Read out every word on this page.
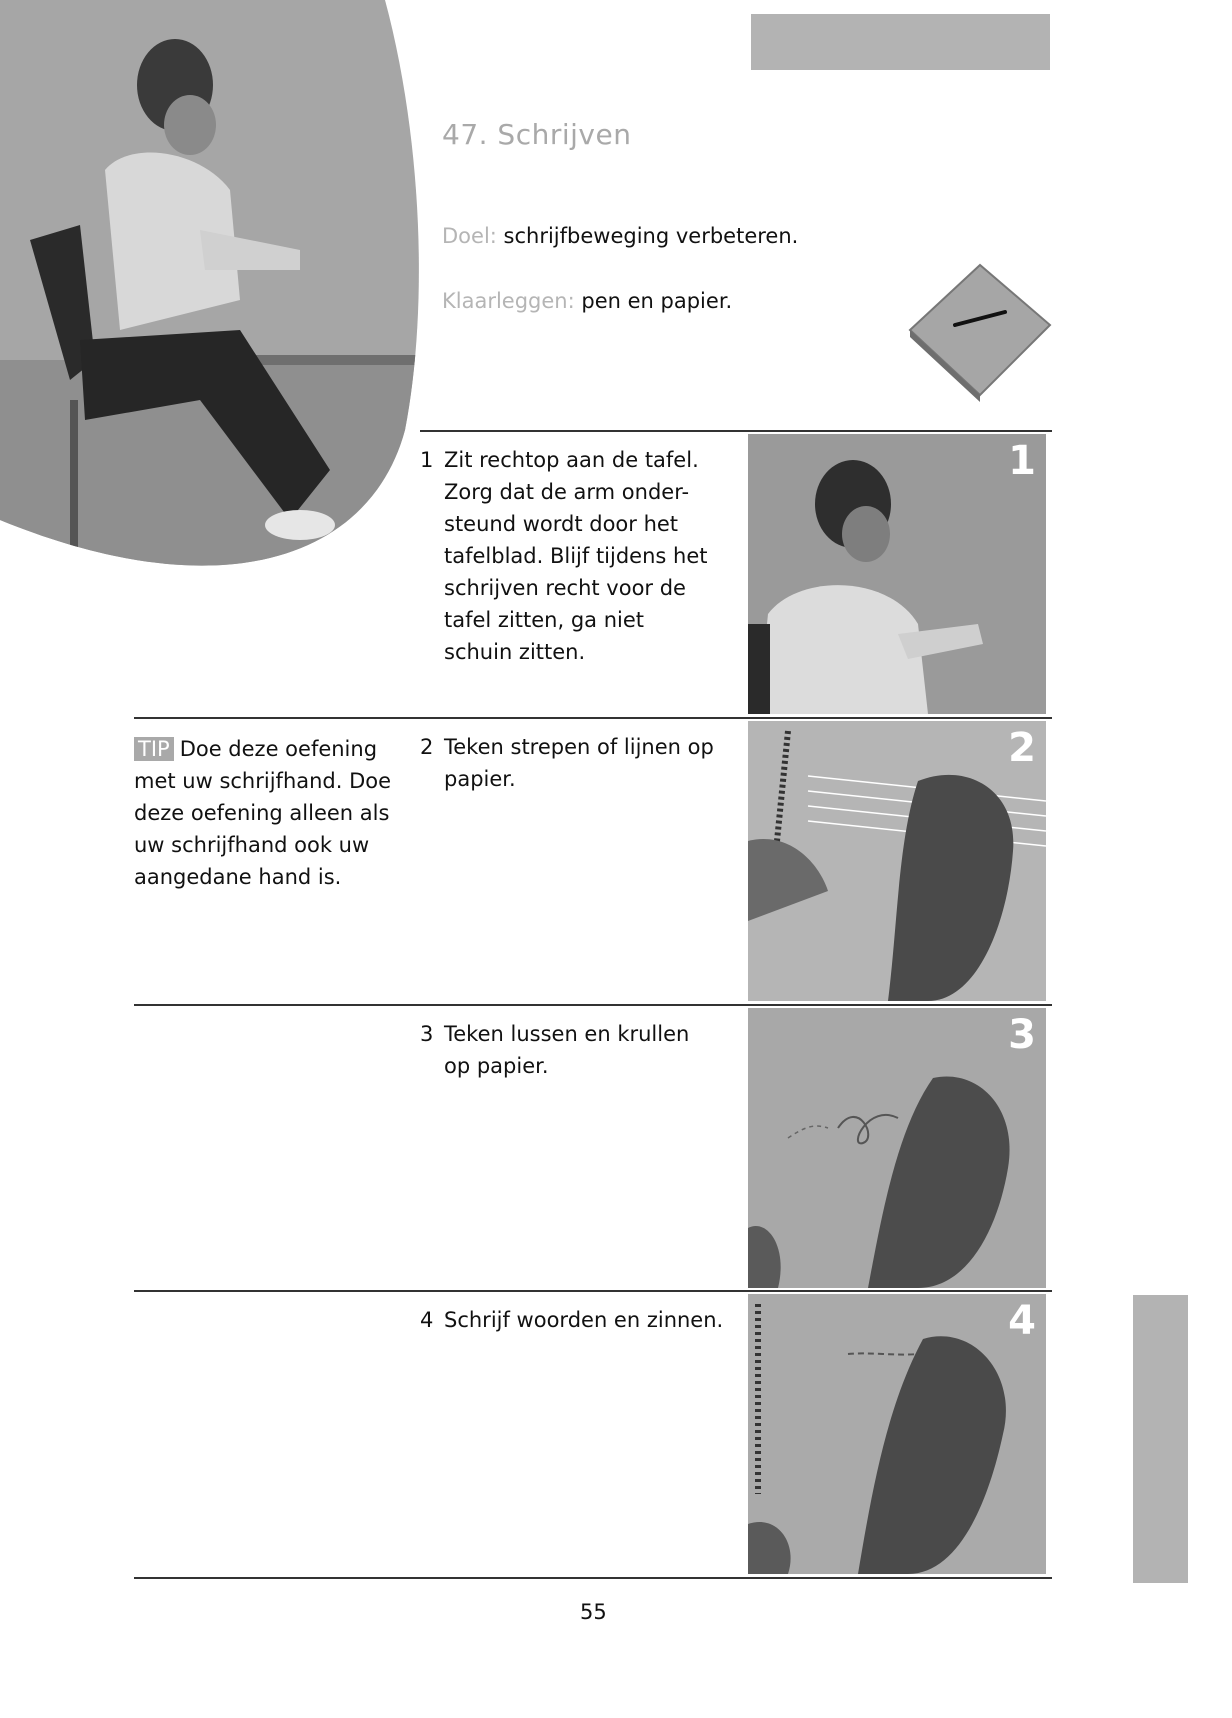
47. Schrijven
Doel: schrijfbeweging verbeteren.
Klaarleggen: pen en papier.
TIP Doe deze oefening met uw schrijfhand. Doe deze oefening alleen als uw schrijfhand ook uw aangedane hand is.
1 Zit rechtop aan de tafel. Zorg dat de arm onder-steund wordt door het tafelblad. Blijf tijdens het schrijven recht voor de tafel zitten, ga niet schuin zitten.
1
2 Teken strepen of lijnen op papier.
2
3 Teken lussen en krullen op papier.
3
4 Schrijf woorden en zinnen.	4
55
